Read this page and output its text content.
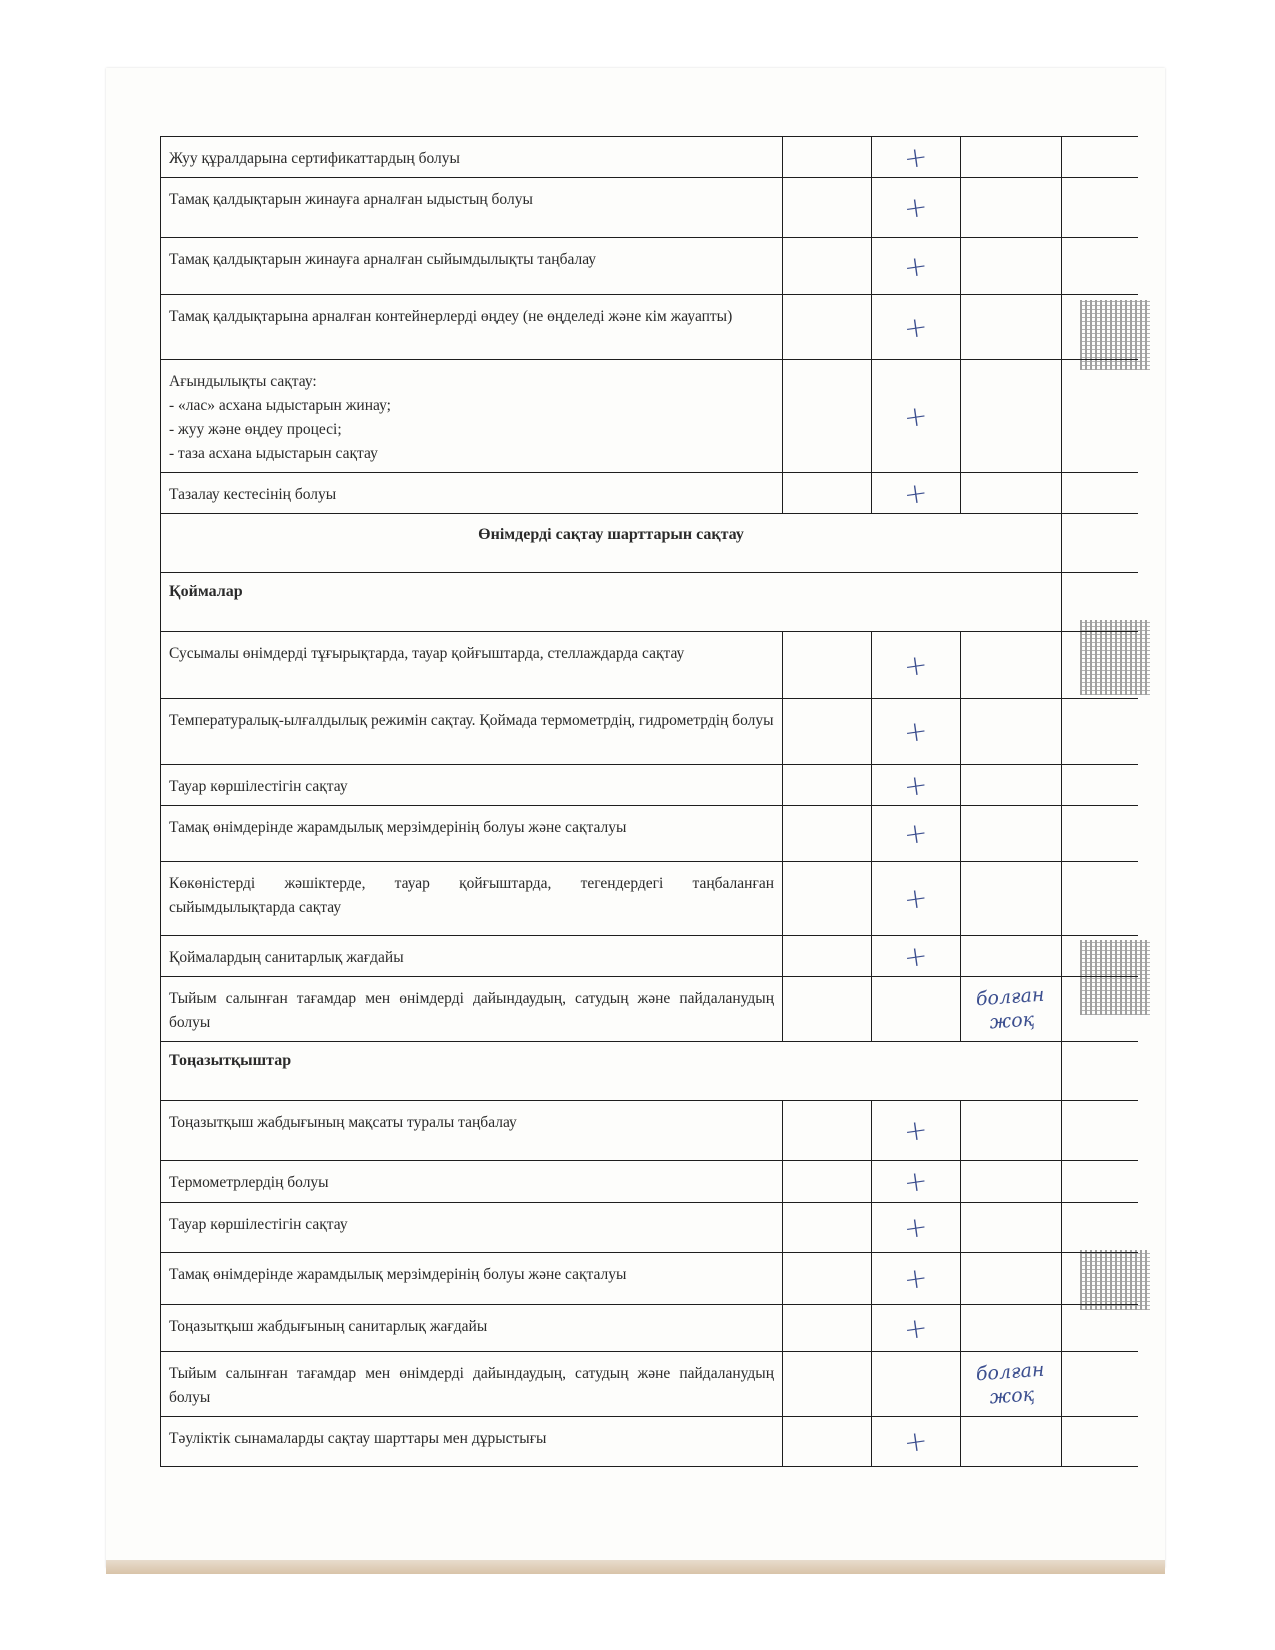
Жуу құралдарына сертификаттардың болуы		+		
Тамақ қалдықтарын жинауға арналған ыдыстың болуы		+		
Тамақ қалдықтарын жинауға арналған сыйымдылықты таңбалау		+		
Тамақ қалдықтарына арналған контейнерлерді өңдеу (не өңделеді және кім жауапты)		+		

Ағындылықты сақтау:
- «лас» асхана ыдыстарын жинау;
- жуу және өңдеу процесі;
- таза асхана ыдыстарын сақтау		+		
Тазалау кестесінің болуы		+		
Өнімдерді сақтау шарттарын сақтау				
Қоймалар				
Сусымалы өнімдерді тұғырықтарда, тауар қойғыштарда, стеллаждарда сақтау		+		
Температуралық-ылғалдылық режимін сақтау. Қоймада термометрдің, гидрометрдің болуы		+		
Тауар көршілестігін сақтау		+		
Тамақ өнімдерінде жарамдылық мерзімдерінің болуы және сақталуы		+		
Көкөністерді жәшіктерде, тауар қойғыштарда, тегендердегі таңбаланған сыйымдылықтарда сақтау		+		
Қоймалардың санитарлық жағдайы		+		
Тыйым салынған тағамдар мен өнімдерді дайындаудың, сатудың және пайдаланудың болуы			болған жоқ	
Тоңазытқыштар				
Тоңазытқыш жабдығының мақсаты туралы таңбалау		+		
Термометрлердің болуы		+		
Тауар көршілестігін сақтау		+		
Тамақ өнімдерінде жарамдылық мерзімдерінің болуы және сақталуы		+		
Тоңазытқыш жабдығының санитарлық жағдайы		+		
Тыйым салынған тағамдар мен өнімдерді дайындаудың, сатудың және пайдаланудың болуы			болған жоқ	
Тәуліктік сынамаларды сақтау шарттары мен дұрыстығы		+		
